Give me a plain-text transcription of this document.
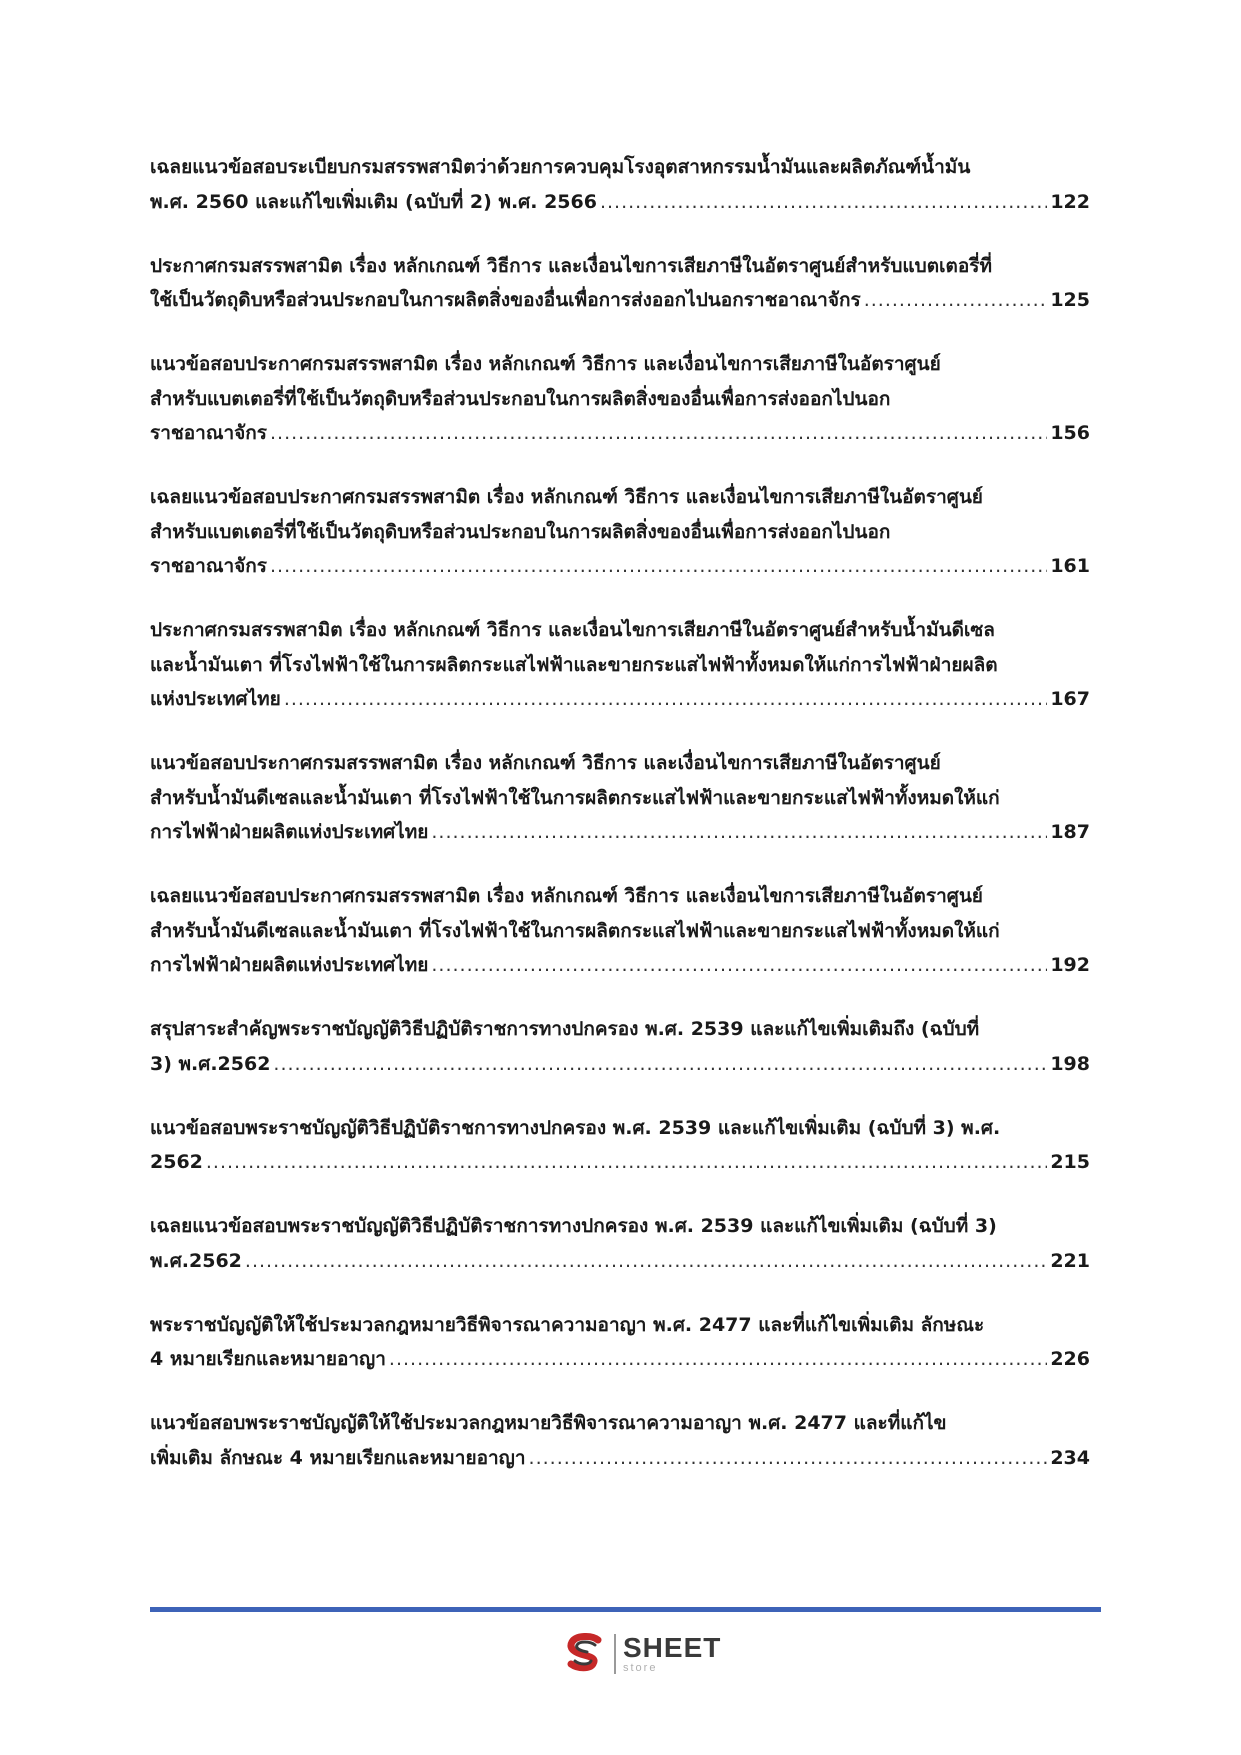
เฉลยแนวข้อสอบระเบียบกรมสรรพสามิตว่าด้วยการควบคุมโรงอุตสาหกรรมน้ำมันและผลิตภัณฑ์น้ำมัน
พ.ศ. 2560 และแก้ไขเพิ่มเติม (ฉบับที่ 2) พ.ศ. 2566 .....	122
ประกาศกรมสรรพสามิต เรื่อง หลักเกณฑ์ วิธีการ และเงื่อนไขการเสียภาษีในอัตราศูนย์สำหรับแบตเตอรี่ที่
ใช้เป็นวัตถุดิบหรือส่วนประกอบในการผลิตสิ่งของอื่นเพื่อการส่งออกไปนอกราชอาณาจักร .....	125
แนวข้อสอบประกาศกรมสรรพสามิต เรื่อง หลักเกณฑ์ วิธีการ และเงื่อนไขการเสียภาษีในอัตราศูนย์
สำหรับแบตเตอรี่ที่ใช้เป็นวัตถุดิบหรือส่วนประกอบในการผลิตสิ่งของอื่นเพื่อการส่งออกไปนอก
ราชอาณาจักร .....	156
เฉลยแนวข้อสอบประกาศกรมสรรพสามิต เรื่อง หลักเกณฑ์ วิธีการ และเงื่อนไขการเสียภาษีในอัตราศูนย์
สำหรับแบตเตอรี่ที่ใช้เป็นวัตถุดิบหรือส่วนประกอบในการผลิตสิ่งของอื่นเพื่อการส่งออกไปนอก
ราชอาณาจักร .....	161
ประกาศกรมสรรพสามิต เรื่อง หลักเกณฑ์ วิธีการ และเงื่อนไขการเสียภาษีในอัตราศูนย์สำหรับน้ำมันดีเซล
และน้ำมันเตา ที่โรงไฟฟ้าใช้ในการผลิตกระแสไฟฟ้าและขายกระแสไฟฟ้าทั้งหมดให้แก่การไฟฟ้าฝ่ายผลิต
แห่งประเทศไทย .....	167
แนวข้อสอบประกาศกรมสรรพสามิต เรื่อง หลักเกณฑ์ วิธีการ และเงื่อนไขการเสียภาษีในอัตราศูนย์
สำหรับน้ำมันดีเซลและน้ำมันเตา ที่โรงไฟฟ้าใช้ในการผลิตกระแสไฟฟ้าและขายกระแสไฟฟ้าทั้งหมดให้แก่
การไฟฟ้าฝ่ายผลิตแห่งประเทศไทย .....	187
เฉลยแนวข้อสอบประกาศกรมสรรพสามิต เรื่อง หลักเกณฑ์ วิธีการ และเงื่อนไขการเสียภาษีในอัตราศูนย์
สำหรับน้ำมันดีเซลและน้ำมันเตา ที่โรงไฟฟ้าใช้ในการผลิตกระแสไฟฟ้าและขายกระแสไฟฟ้าทั้งหมดให้แก่
การไฟฟ้าฝ่ายผลิตแห่งประเทศไทย .....	192
สรุปสาระสำคัญพระราชบัญญัติวิธีปฏิบัติราชการทางปกครอง พ.ศ. 2539 และแก้ไขเพิ่มเติมถึง (ฉบับที่
3) พ.ศ.2562 .....	198
แนวข้อสอบพระราชบัญญัติวิธีปฏิบัติราชการทางปกครอง พ.ศ. 2539 และแก้ไขเพิ่มเติม (ฉบับที่ 3) พ.ศ.
2562 .....	215
เฉลยแนวข้อสอบพระราชบัญญัติวิธีปฏิบัติราชการทางปกครอง พ.ศ. 2539 และแก้ไขเพิ่มเติม (ฉบับที่ 3)
พ.ศ.2562 .....	221
พระราชบัญญัติให้ใช้ประมวลกฎหมายวิธีพิจารณาความอาญา พ.ศ. 2477 และที่แก้ไขเพิ่มเติม ลักษณะ
4 หมายเรียกและหมายอาญา .....	226
แนวข้อสอบพระราชบัญญัติให้ใช้ประมวลกฎหมายวิธีพิจารณาความอาญา พ.ศ. 2477 และที่แก้ไข
เพิ่มเติม ลักษณะ 4 หมายเรียกและหมายอาญา .....	234
SHEET
store
